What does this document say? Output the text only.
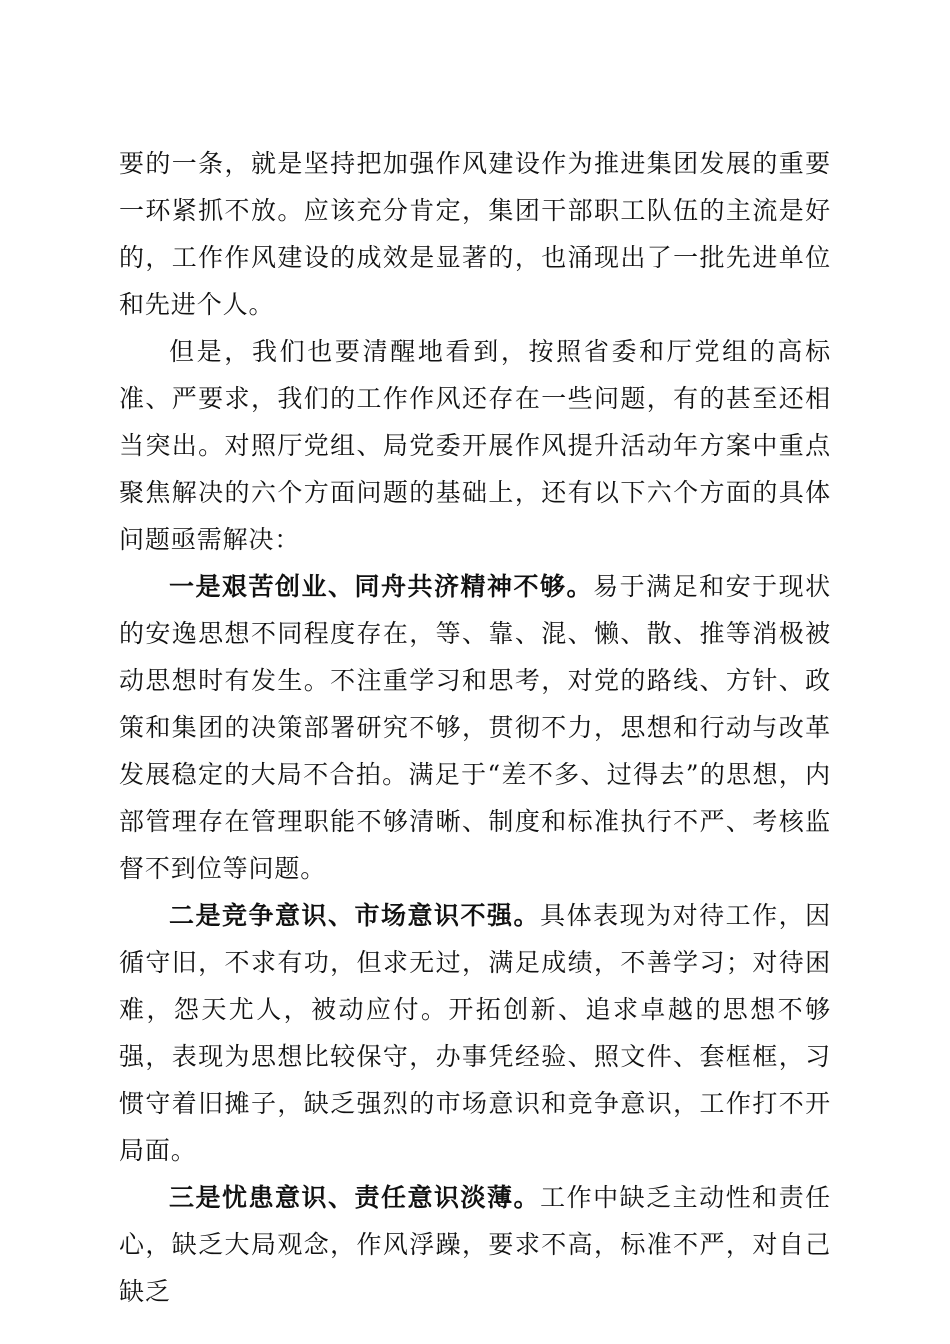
要的一条，就是坚持把加强作风建设作为推进集团发展的重要一环紧抓不放。应该充分肯定，集团干部职工队伍的主流是好的，工作作风建设的成效是显著的，也涌现出了一批先进单位和先进个人。

但是，我们也要清醒地看到，按照省委和厅党组的高标准、严要求，我们的工作作风还存在一些问题，有的甚至还相当突出。对照厅党组、局党委开展作风提升活动年方案中重点聚焦解决的六个方面问题的基础上，还有以下六个方面的具体问题亟需解决：

一是艰苦创业、同舟共济精神不够。易于满足和安于现状的安逸思想不同程度存在，等、靠、混、懒、散、推等消极被动思想时有发生。不注重学习和思考，对党的路线、方针、政策和集团的决策部署研究不够，贯彻不力，思想和行动与改革发展稳定的大局不合拍。满足于“差不多、过得去”的思想，内部管理存在管理职能不够清晰、制度和标准执行不严、考核监督不到位等问题。

二是竞争意识、市场意识不强。具体表现为对待工作，因循守旧，不求有功，但求无过，满足成绩，不善学习；对待困难，怨天尤人，被动应付。开拓创新、追求卓越的思想不够强，表现为思想比较保守，办事凭经验、照文件、套框框，习惯守着旧摊子，缺乏强烈的市场意识和竞争意识，工作打不开局面。

三是忧患意识、责任意识淡薄。工作中缺乏主动性和责任心，缺乏大局观念，作风浮躁，要求不高，标准不严，对自己缺乏
